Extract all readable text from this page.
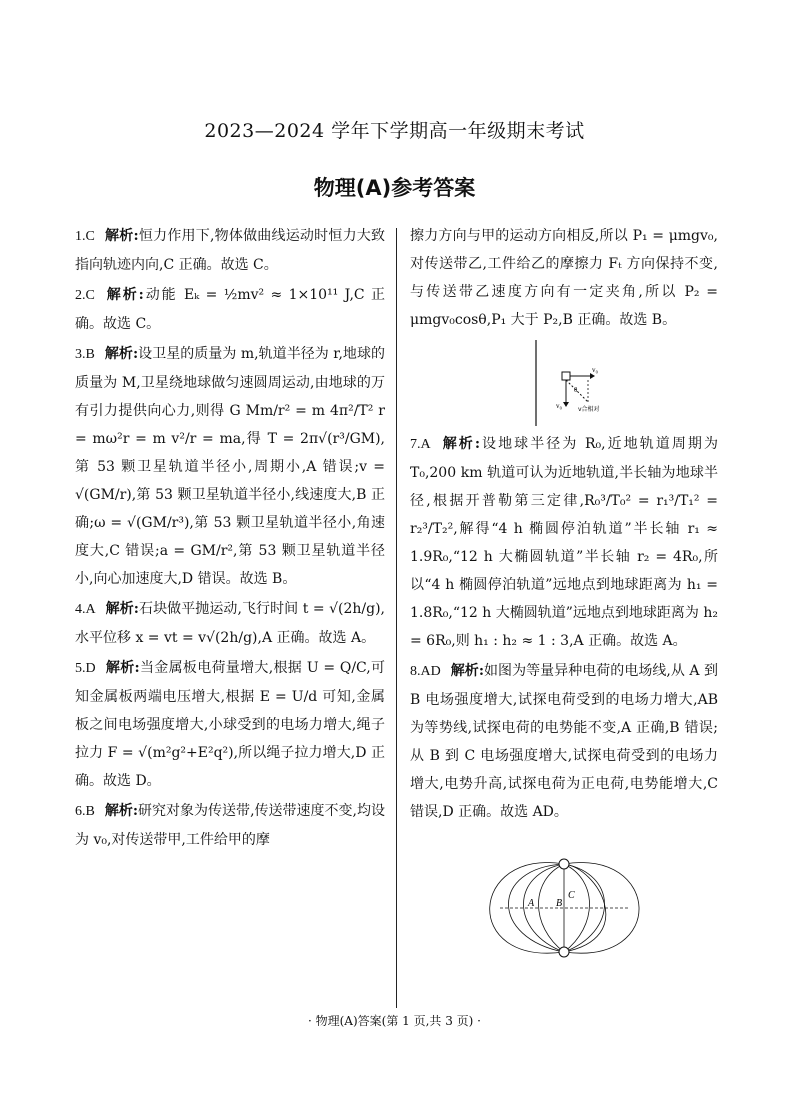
2023—2024 学年下学期高一年级期末考试
物理(A)参考答案

1.C 解析:恒力作用下,物体做曲线运动时恒力大致指向轨迹内向,C 正确。故选 C。

2.C 解析:动能 Eₖ = ½mv² ≈ 1×10¹¹ J,C 正确。故选 C。

3.B 解析:设卫星的质量为 m,轨道半径为 r,地球的质量为 M,卫星绕地球做匀速圆周运动,由地球的万有引力提供向心力,则得 G Mm/r² = m 4π²/T² r = mω²r = m v²/r = ma,得 T = 2π√(r³/GM),第 53 颗卫星轨道半径小,周期小,A 错误;v = √(GM/r),第 53 颗卫星轨道半径小,线速度大,B 正确;ω = √(GM/r³),第 53 颗卫星轨道半径小,角速度大,C 错误;a = GM/r²,第 53 颗卫星轨道半径小,向心加速度大,D 错误。故选 B。

4.A 解析:石块做平抛运动,飞行时间 t = √(2h/g),水平位移 x = vt = v√(2h/g),A 正确。故选 A。

5.D 解析:当金属板电荷量增大,根据 U = Q/C,可知金属板两端电压增大,根据 E = U/d 可知,金属板之间电场强度增大,小球受到的电场力增大,绳子拉力 F = √(m²g²+E²q²),所以绳子拉力增大,D 正确。故选 D。

6.B 解析:研究对象为传送带,传送带速度不变,均设为 v₀,对传送带甲,工件给甲的摩

擦力方向与甲的运动方向相反,所以 P₁ = μmgv₀,对传送带乙,工件给乙的摩擦力 Fₜ 方向保持不变,与传送带乙速度方向有一定夹角,所以 P₂ = μmgv₀cosθ,P₁ 大于 P₂,B 正确。故选 B。

v₀
v₀
θ
v合相对

7.A 解析:设地球半径为 R₀,近地轨道周期为 T₀,200 km 轨道可认为近地轨道,半长轴为地球半径,根据开普勒第三定律,R₀³/T₀² = r₁³/T₁² = r₂³/T₂²,解得“4 h 椭圆停泊轨道”半长轴 r₁ ≈ 1.9R₀,“12 h 大椭圆轨道”半长轴 r₂ = 4R₀,所以“4 h 椭圆停泊轨道”远地点到地球距离为 h₁ = 1.8R₀,“12 h 大椭圆轨道”远地点到地球距离为 h₂ = 6R₀,则 h₁ : h₂ ≈ 1 : 3,A 正确。故选 A。

8.AD 解析:如图为等量异种电荷的电场线,从 A 到 B 电场强度增大,试探电荷受到的电场力增大,AB 为等势线,试探电荷的电势能不变,A 正确,B 错误;从 B 到 C 电场强度增大,试探电荷受到的电场力增大,电势升高,试探电荷为正电荷,电势能增大,C 错误,D 正确。故选 AD。

A B
C
· 物理(A)答案(第 1 页,共 3 页) ·
